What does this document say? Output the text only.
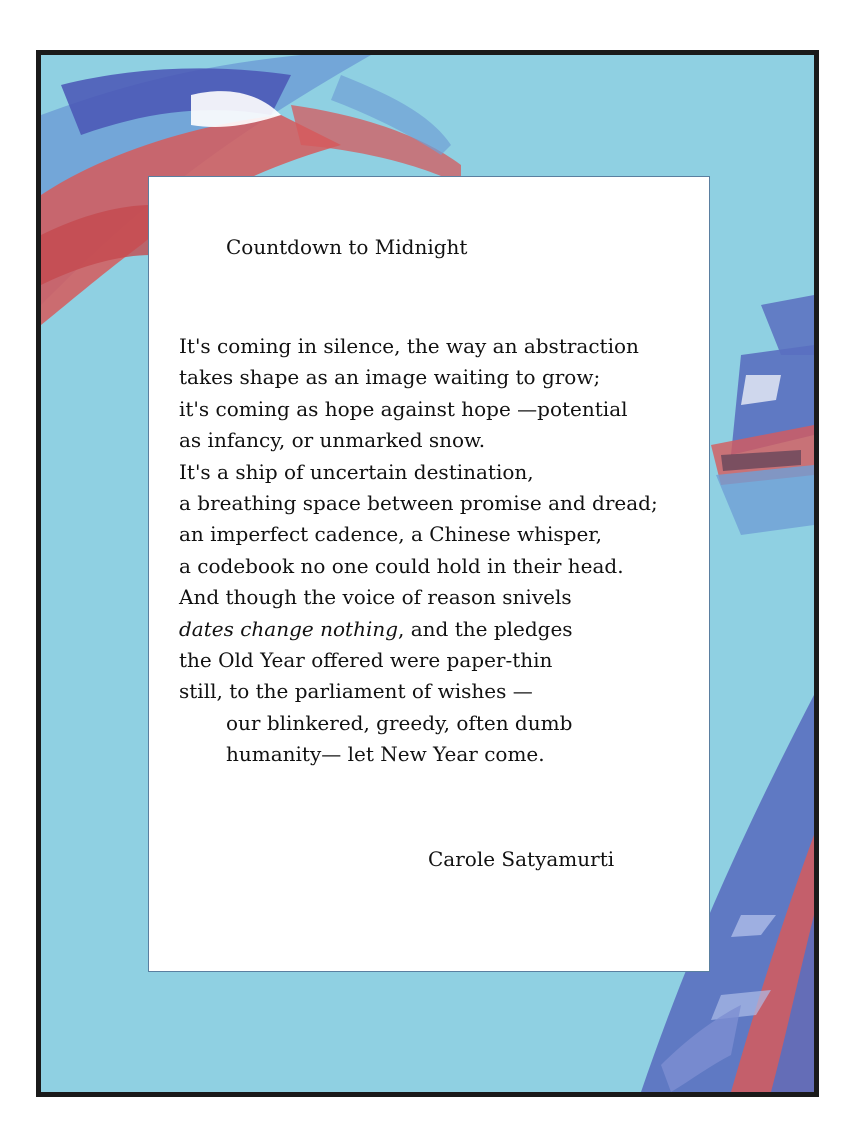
Countdown to Midnight
It's coming in silence, the way an abstraction
takes shape as an image waiting to grow;
it's coming as hope against hope —potential
as infancy, or unmarked snow.
It's a ship of uncertain destination,
a breathing space between promise and dread;
an imperfect cadence, a Chinese whisper,
a codebook no one could hold in their head.
And though the voice of reason snivels
dates change nothing, and the pledges
the Old Year offered were paper-thin
still, to the parliament of wishes —
our blinkered, greedy, often dumb
humanity— let New Year come.
Carole Satyamurti
